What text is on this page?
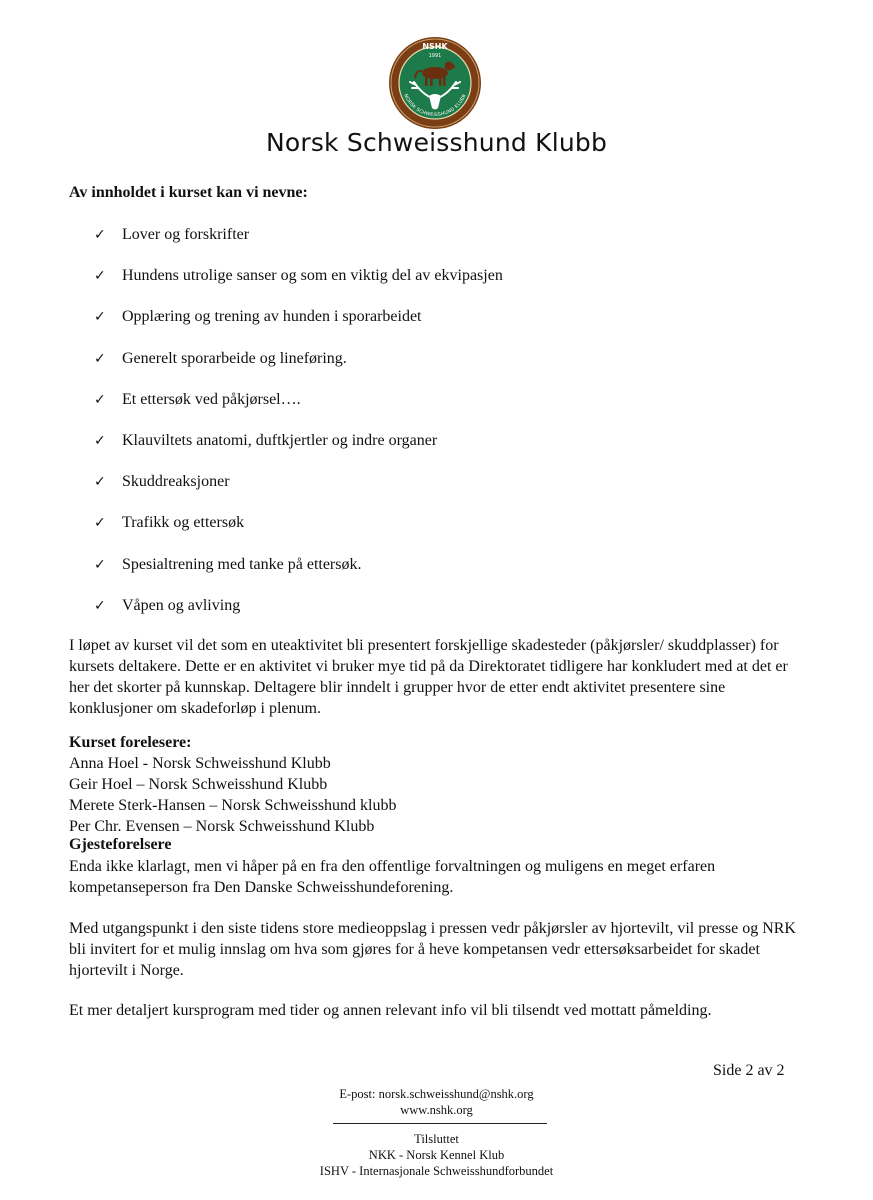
NSHK
1991
NORSK SCHWEISSHUND KLUBB
Norsk Schweisshund Klubb
Av innholdet i kurset kan vi nevne:
✓	Lover og forskrifter
✓	Hundens utrolige sanser og som en viktig del av ekvipasjen
✓	Opplæring og trening av hunden i sporarbeidet
✓	Generelt sporarbeide og lineføring.
✓	Et ettersøk ved påkjørsel….
✓	Klauviltets anatomi, duftkjertler og indre organer
✓	Skuddreaksjoner
✓	Trafikk og ettersøk
✓	Spesialtrening med tanke på ettersøk.
✓	Våpen og avliving

I løpet av kurset vil det som en uteaktivitet bli presentert forskjellige skadesteder (påkjørsler/ skuddplasser) for kursets deltakere. Dette er en aktivitet vi bruker mye tid på da Direktoratet tidligere har konkludert med at det er her det skorter på kunnskap. Deltagere blir inndelt i grupper hvor de etter endt aktivitet presentere sine konklusjoner om skadeforløp i plenum.

Kurset forelesere:
Anna Hoel - Norsk Schweisshund Klubb
Geir Hoel – Norsk Schweisshund Klubb
Merete Sterk-Hansen – Norsk Schweisshund klubb
Per Chr. Evensen – Norsk Schweisshund Klubb
Gjesteforelsere

Enda ikke klarlagt, men vi håper på en fra den offentlige forvaltningen og muligens en meget erfaren kompetanseperson fra Den Danske Schweisshundeforening.

Med utgangspunkt i den siste tidens store medieoppslag i pressen vedr påkjørsler av hjortevilt, vil presse og NRK bli invitert for et mulig innslag om hva som gjøres for å heve kompetansen vedr ettersøksarbeidet for skadet hjortevilt i Norge.

Et mer detaljert kursprogram med tider og annen relevant info vil bli tilsendt ved mottatt påmelding.

Side 2 av 2
E-post: norsk.schweisshund@nshk.org
www.nshk.org
Tilsluttet
NKK - Norsk Kennel Klub
ISHV - Internasjonale Schweisshundforbundet
